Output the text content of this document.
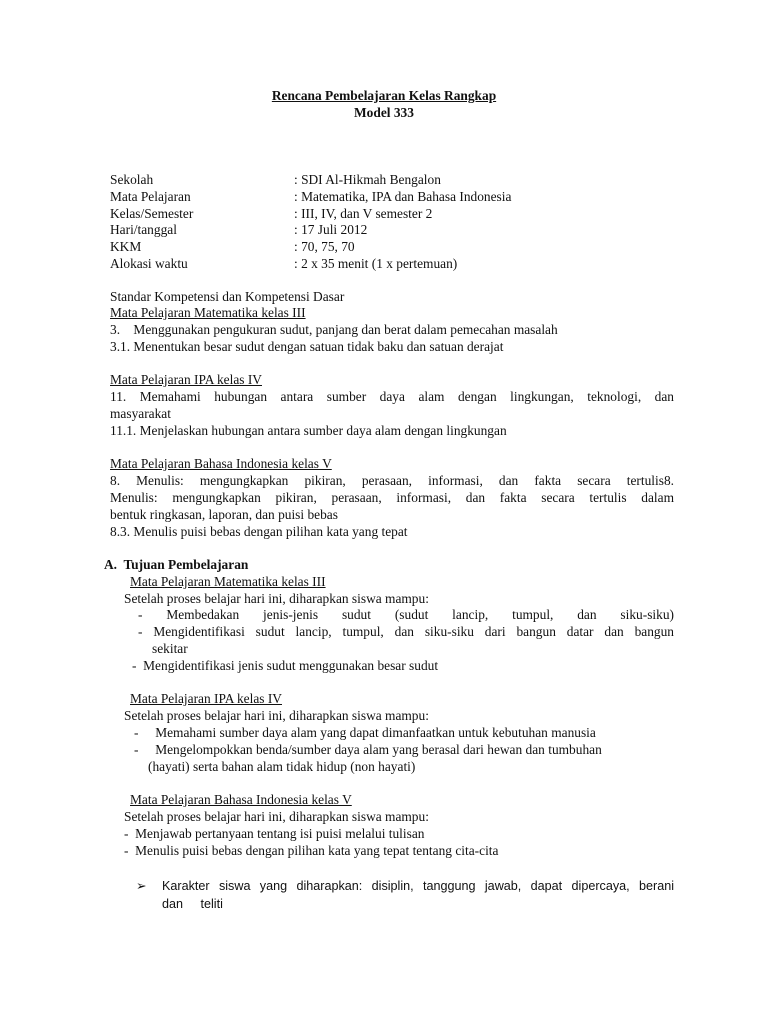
Rencana Pembelajaran Kelas Rangkap
Model 333
Sekolah	: SDI Al-Hikmah Bengalon
Mata Pelajaran	: Matematika, IPA dan Bahasa Indonesia
Kelas/Semester	: III, IV, dan V semester 2
Hari/tanggal	: 17 Juli 2012
KKM	: 70, 75, 70
Alokasi waktu	: 2 x 35 menit (1 x pertemuan)
Standar Kompetensi dan Kompetensi Dasar
Mata Pelajaran Matematika kelas III
3.    Menggunakan pengukuran sudut, panjang dan berat dalam pemecahan masalah
3.1. Menentukan besar sudut dengan satuan tidak baku dan satuan derajat
Mata Pelajaran IPA kelas IV
11. Memahami hubungan antara sumber daya alam dengan lingkungan, teknologi, dan
masyarakat
11.1. Menjelaskan hubungan antara sumber daya alam dengan lingkungan
Mata Pelajaran Bahasa Indonesia kelas V
8. Menulis: mengungkapkan pikiran, perasaan, informasi, dan fakta secara tertulis8.
Menulis: mengungkapkan pikiran, perasaan, informasi, dan fakta secara tertulis dalam
bentuk ringkasan, laporan, dan puisi bebas
8.3. Menulis puisi bebas dengan pilihan kata yang tepat
A.  Tujuan Pembelajaran
Mata Pelajaran Matematika kelas III
Setelah proses belajar hari ini, diharapkan siswa mampu:
- Membedakan jenis-jenis sudut (sudut lancip, tumpul, dan siku-siku)
- Mengidentifikasi sudut lancip, tumpul, dan siku-siku dari bangun datar dan bangun
sekitar
-  Mengidentifikasi jenis sudut menggunakan besar sudut
Mata Pelajaran IPA kelas IV
Setelah proses belajar hari ini, diharapkan siswa mampu:
-     Memahami sumber daya alam yang dapat dimanfaatkan untuk kebutuhan manusia
-     Mengelompokkan benda/sumber daya alam yang berasal dari hewan dan tumbuhan
(hayati) serta bahan alam tidak hidup (non hayati)
Mata Pelajaran Bahasa Indonesia kelas V
Setelah proses belajar hari ini, diharapkan siswa mampu:
-  Menjawab pertanyaan tentang isi puisi melalui tulisan
-  Menulis puisi bebas dengan pilihan kata yang tepat tentang cita-cita
➢ Karakter siswa yang diharapkan: disiplin, tanggung jawab, dapat dipercaya, berani
dan     teliti
